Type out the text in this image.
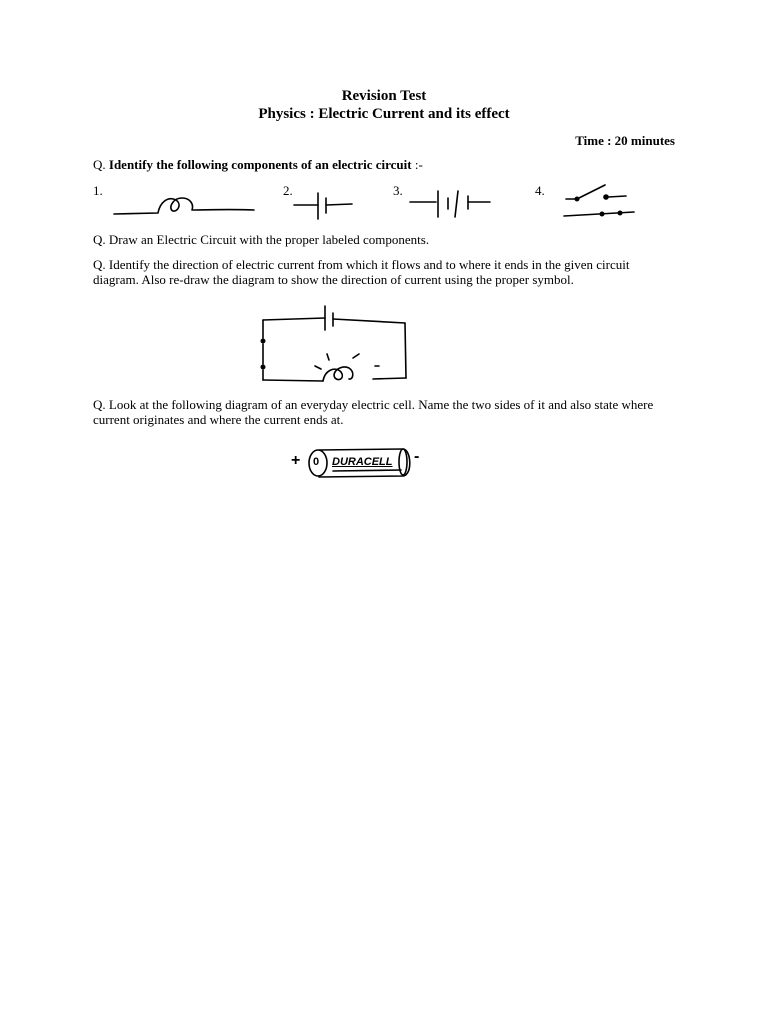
Revision Test
Physics : Electric Current and its effect
Time : 20 minutes
Q. Identify the following components of an electric circuit :-
1.	2.	3.	4.
Q. Draw an Electric Circuit with the proper labeled components.
Q. Identify the direction of electric current from which it flows and to where it ends in the given circuit
diagram. Also re-draw the diagram to show the direction of current using the proper symbol.
Q. Look at the following diagram of an everyday electric cell. Name the two sides of it and also state where
current originates and where the current ends at.
+	-
0 DURACELL
